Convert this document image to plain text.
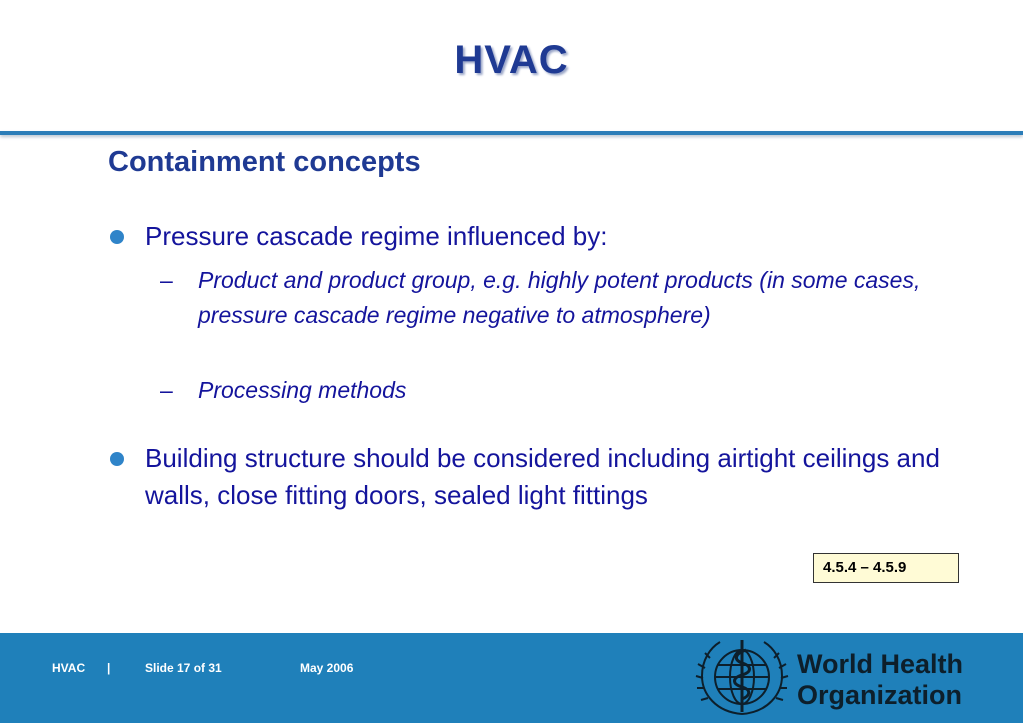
HVAC
Containment concepts
Pressure cascade regime influenced by:
– Product and product group, e.g. highly potent products (in some cases, pressure cascade regime negative to atmosphere)
– Processing methods
Building structure should be considered including airtight ceilings and walls, close fitting doors, sealed light fittings
4.5.4 – 4.5.9
HVAC |	Slide 17 of 31	May 2006	World Health
Organization
